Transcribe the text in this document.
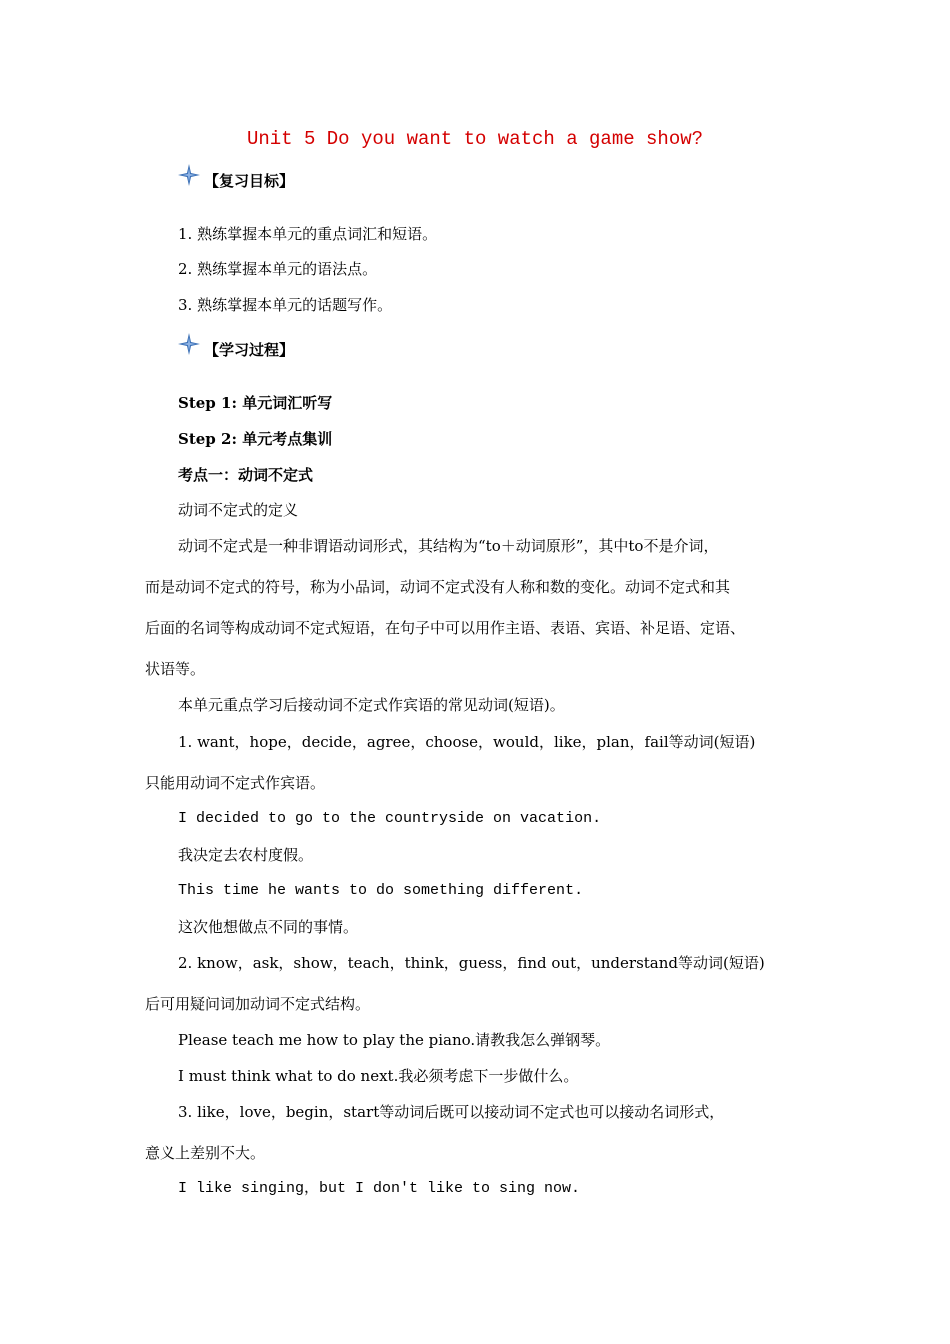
Unit 5 Do you want to watch a game show?
【复习目标】
1. 熟练掌握本单元的重点词汇和短语。
2. 熟练掌握本单元的语法点。
3. 熟练掌握本单元的话题写作。
【学习过程】
Step 1: 单元词汇听写
Step 2: 单元考点集训
考点一：动词不定式
动词不定式的定义
动词不定式是一种非谓语动词形式，其结构为“to＋动词原形”，其中to不是介词，
而是动词不定式的符号，称为小品词，动词不定式没有人称和数的变化。动词不定式和其
后面的名词等构成动词不定式短语，在句子中可以用作主语、表语、宾语、补足语、定语、
状语等。
本单元重点学习后接动词不定式作宾语的常见动词(短语)。
1. want，hope，decide，agree，choose，would，like，plan，fail等动词(短语)
只能用动词不定式作宾语。
I decided to go to the countryside on vacation.
我决定去农村度假。
This time he wants to do something different.
这次他想做点不同的事情。
2. know，ask，show，teach，think，guess，find out，understand等动词(短语)
后可用疑问词加动词不定式结构。
Please teach me how to play the piano.请教我怎么弹钢琴。
I must think what to do next.我必须考虑下一步做什么。
3. like，love，begin，start等动词后既可以接动词不定式也可以接动名词形式，
意义上差别不大。
I like singing，but I don't like to sing now.
